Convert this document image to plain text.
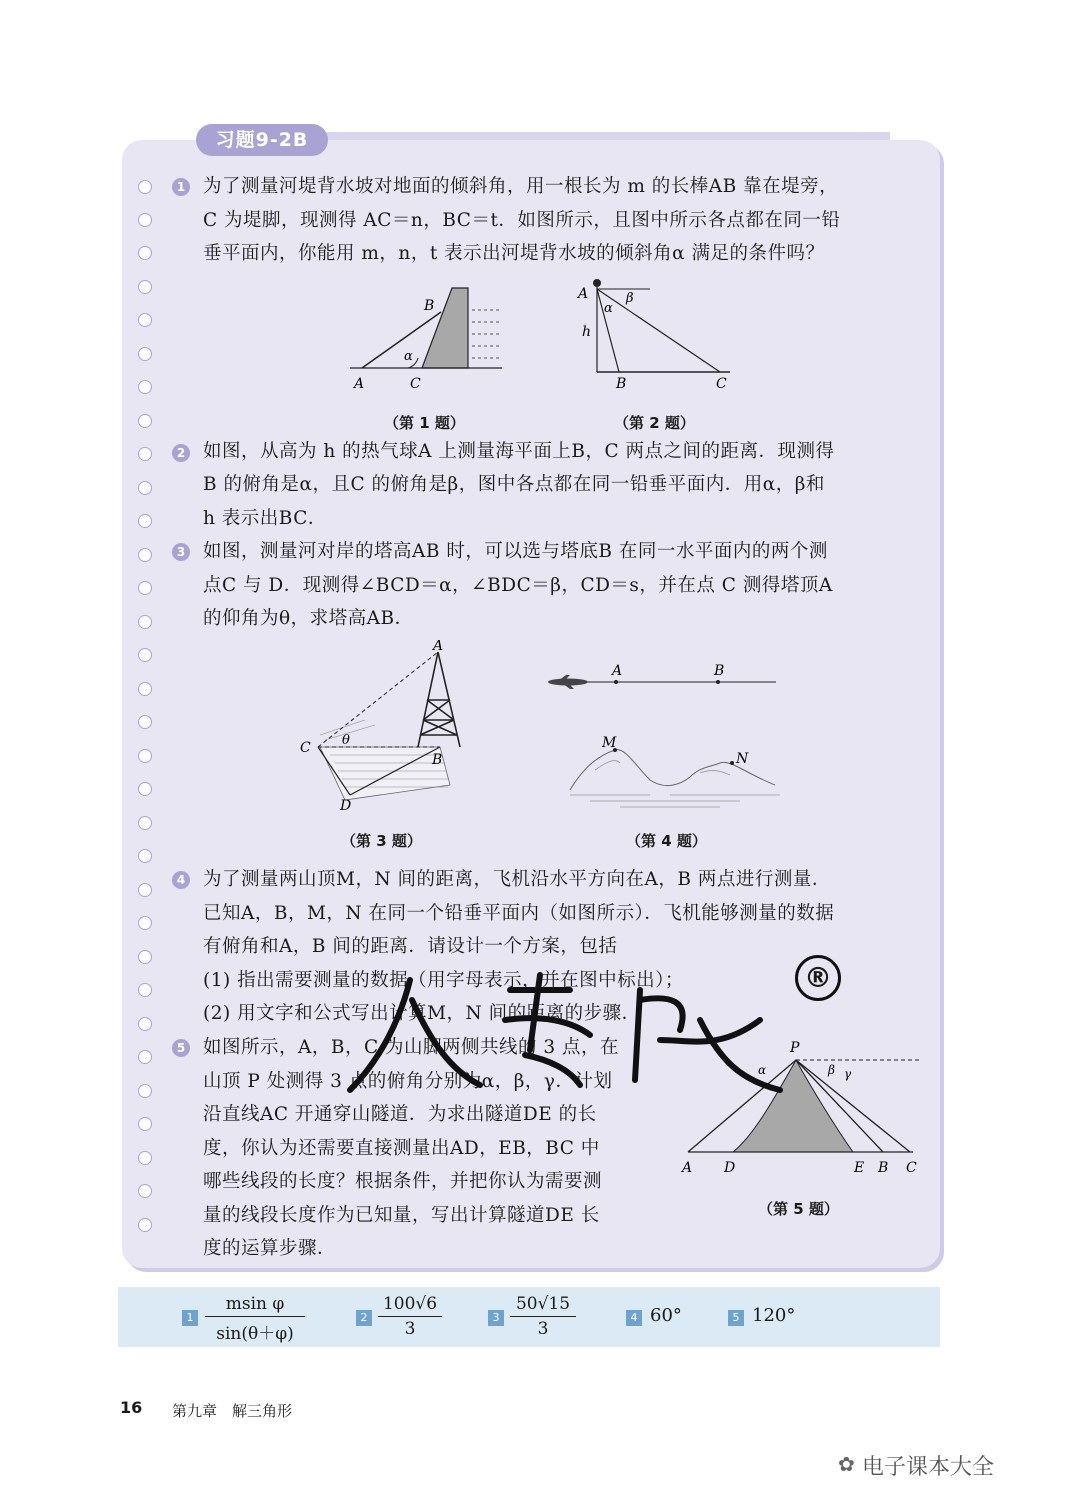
习题9-2B
1 为了测量河堤背水坡对地面的倾斜角，用一根长为 m 的长棒AB 靠在堤旁，
C 为堤脚，现测得 AC＝n，BC＝t．如图所示，且图中所示各点都在同一铅
垂平面内，你能用 m，n，t 表示出河堤背水坡的倾斜角α 满足的条件吗？
A
B
C
α
（第 1 题）
A
h
α
β
B	C
（第 2 题）
2 如图，从高为 h 的热气球A 上测量海平面上B，C 两点之间的距离．现测得
B 的俯角是α，且C 的俯角是β，图中各点都在同一铅垂平面内．用α，β和
h 表示出BC．
3 如图，测量河对岸的塔高AB 时，可以选与塔底B 在同一水平面内的两个测
点C 与 D．现测得∠BCD＝α，∠BDC＝β，CD＝s，并在点 C 测得塔顶A
的仰角为θ，求塔高AB．
A
B
C
D
θ
（第 3 题）
A	B
M
N
（第 4 题）
4 为了测量两山顶M，N 间的距离，飞机沿水平方向在A，B 两点进行测量．
已知A，B，M，N 在同一个铅垂平面内（如图所示）．飞机能够测量的数据
有俯角和A，B 间的距离．请设计一个方案，包括
(1) 指出需要测量的数据（用字母表示，并在图中标出）；
(2) 用文字和公式写出计算M，N 间的距离的步骤．
5 如图所示，A，B，C 为山脚两侧共线的 3 点，在
山顶 P 处测得 3 点的俯角分别为α，β，γ．计划
沿直线AC 开通穿山隧道．为求出隧道DE 的长
度，你认为还需要直接测量出AD，EB，BC 中
哪些线段的长度？根据条件，并把你认为需要测
量的线段长度作为已知量，写出计算隧道DE 长
度的运算步骤．
P
α	β γ
A D	E B C
（第 5 题）
®
$1 \frac{\text{msin φ}}{\sin(\theta+\varphi)}$	$2 \frac{100√6}{3}$	$3 \frac{50√15}{3}$	4 60°	5 120°
16 第九章　解三角形
✿ 电子课本大全
